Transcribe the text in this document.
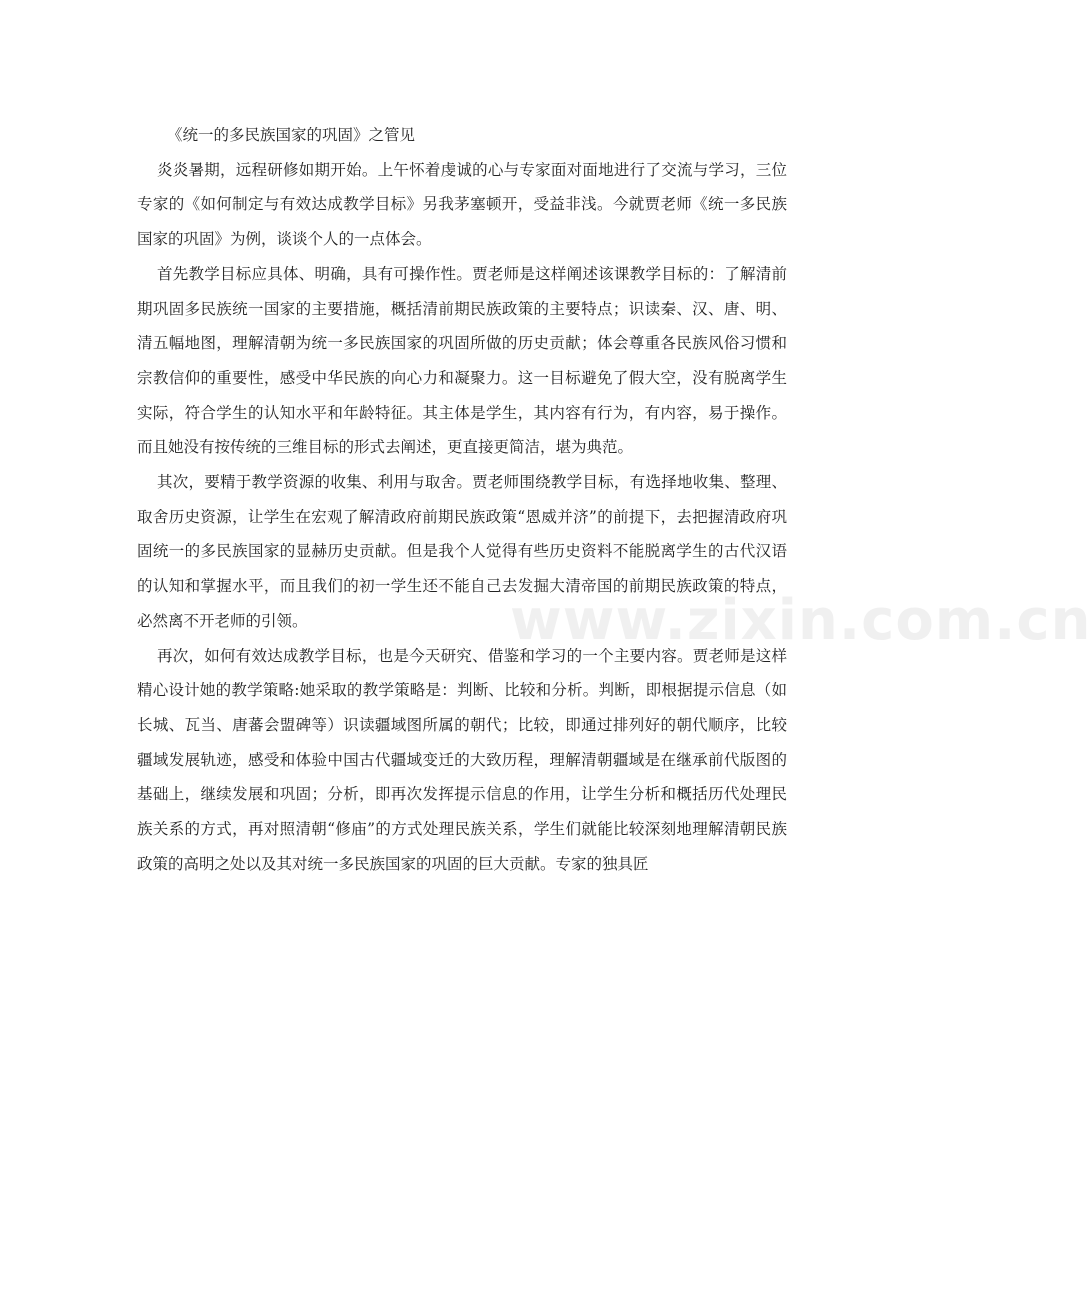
《统一的多民族国家的巩固》之管见

炎炎暑期，远程研修如期开始。上午怀着虔诚的心与专家面对面地进行了交流与学习，三位专家的《如何制定与有效达成教学目标》另我茅塞顿开，受益非浅。今就贾老师《统一多民族国家的巩固》为例，谈谈个人的一点体会。

首先教学目标应具体、明确，具有可操作性。贾老师是这样阐述该课教学目标的：了解清前期巩固多民族统一国家的主要措施，概括清前期民族政策的主要特点；识读秦、汉、唐、明、清五幅地图，理解清朝为统一多民族国家的巩固所做的历史贡献；体会尊重各民族风俗习惯和宗教信仰的重要性，感受中华民族的向心力和凝聚力。这一目标避免了假大空，没有脱离学生实际，符合学生的认知水平和年龄特征。其主体是学生，其内容有行为，有内容，易于操作。而且她没有按传统的三维目标的形式去阐述，更直接更简洁，堪为典范。

其次，要精于教学资源的收集、利用与取舍。贾老师围绕教学目标，有选择地收集、整理、取舍历史资源，让学生在宏观了解清政府前期民族政策“恩威并济”的前提下，去把握清政府巩固统一的多民族国家的显赫历史贡献。但是我个人觉得有些历史资料不能脱离学生的古代汉语的认知和掌握水平，而且我们的初一学生还不能自己去发掘大清帝国的前期民族政策的特点，必然离不开老师的引领。

再次，如何有效达成教学目标，也是今天研究、借鉴和学习的一个主要内容。贾老师是这样精心设计她的教学策略:她采取的教学策略是：判断、比较和分析。判断，即根据提示信息（如长城、瓦当、唐蕃会盟碑等）识读疆域图所属的朝代；比较，即通过排列好的朝代顺序，比较疆域发展轨迹，感受和体验中国古代疆域变迁的大致历程，理解清朝疆域是在继承前代版图的基础上，继续发展和巩固；分析，即再次发挥提示信息的作用，让学生分析和概括历代处理民族关系的方式，再对照清朝“修庙”的方式处理民族关系，学生们就能比较深刻地理解清朝民族政策的高明之处以及其对统一多民族国家的巩固的巨大贡献。专家的独具匠

www.zixin.com.cn
